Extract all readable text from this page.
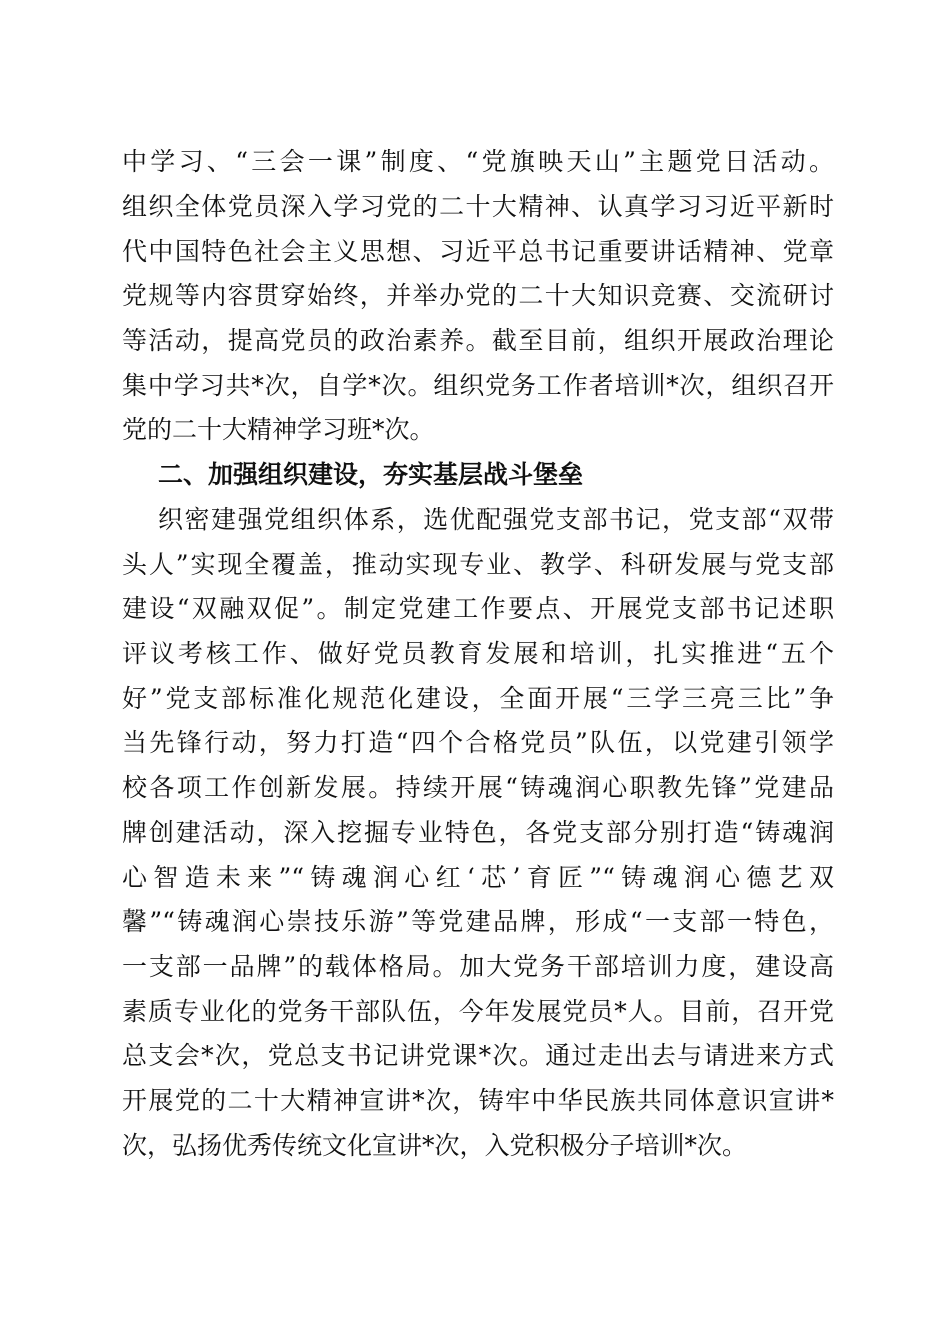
中学习、“三会一课”制度、“党旗映天山”主题党日活动。
组织全体党员深入学习党的二十大精神、认真学习习近平新时
代中国特色社会主义思想、习近平总书记重要讲话精神、党章
党规等内容贯穿始终，并举办党的二十大知识竞赛、交流研讨
等活动，提高党员的政治素养。截至目前，组织开展政治理论
集中学习共*次，自学*次。组织党务工作者培训*次，组织召开
党的二十大精神学习班*次。
二、加强组织建设，夯实基层战斗堡垒
织密建强党组织体系，选优配强党支部书记，党支部“双带
头人”实现全覆盖，推动实现专业、教学、科研发展与党支部
建设“双融双促”。制定党建工作要点、开展党支部书记述职
评议考核工作、做好党员教育发展和培训，扎实推进“五个
好”党支部标准化规范化建设，全面开展“三学三亮三比”争
当先锋行动，努力打造“四个合格党员”队伍，以党建引领学
校各项工作创新发展。持续开展“铸魂润心职教先锋”党建品
牌创建活动，深入挖掘专业特色，各党支部分别打造“铸魂润
心智造未来”“铸魂润心红‘芯’育匠”“铸魂润心德艺双
馨”“铸魂润心崇技乐游”等党建品牌，形成“一支部一特色，
一支部一品牌”的载体格局。加大党务干部培训力度，建设高
素质专业化的党务干部队伍，今年发展党员*人。目前，召开党
总支会*次，党总支书记讲党课*次。通过走出去与请进来方式
开展党的二十大精神宣讲*次，铸牢中华民族共同体意识宣讲*
次，弘扬优秀传统文化宣讲*次，入党积极分子培训*次。
